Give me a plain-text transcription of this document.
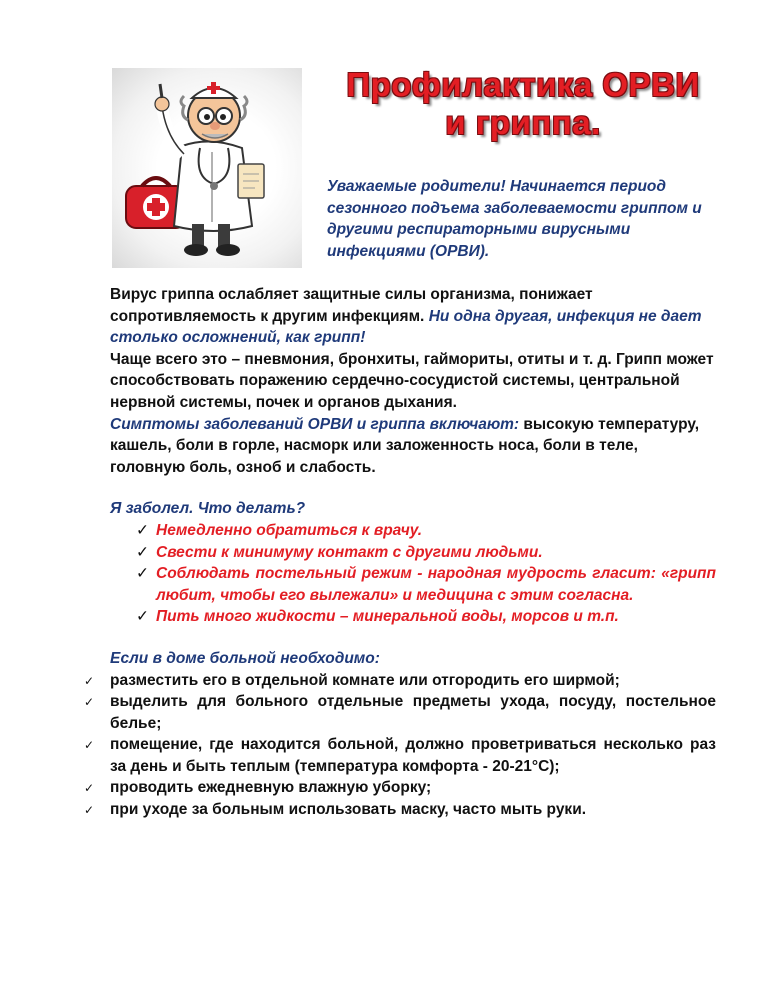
Профилактика ОРВИ
и гриппа.
Уважаемые родители! Начинается период сезонного подъема заболеваемости гриппом и другими респираторными вирусными инфекциями (ОРВИ).

Вирус гриппа ослабляет защитные силы организма, понижает сопротивляемость к другим инфекциям. Ни одна другая, инфекция не дает столько осложнений, как грипп!

Чаще всего это – пневмония, бронхиты, гаймориты, отиты и т. д. Грипп может способствовать поражению сердечно-сосудистой системы, центральной нервной системы, почек и органов дыхания.

Симптомы заболеваний ОРВИ и гриппа включают: высокую температуру, кашель, боли в горле, насморк или заложенность носа, боли в теле, головную боль, озноб и слабость.

Я заболел. Что делать?

✓ Немедленно обратиться к врачу.
✓ Свести к минимуму контакт с другими людьми.
✓ Соблюдать постельный режим - народная мудрость гласит: «грипп любит, чтобы его вылежали» и медицина с этим согласна.
✓ Пить много жидкости – минеральной воды, морсов и т.п.

Если в доме больной необходимо:

✓ разместить его в отдельной комнате или отгородить его ширмой;
✓ выделить для больного отдельные предметы ухода, посуду, постельное белье;
✓ помещение, где находится больной, должно проветриваться несколько раз за день и быть теплым (температура комфорта - 20-21°С);
✓ проводить ежедневную влажную уборку;
✓ при уходе за больным использовать маску, часто мыть руки.
